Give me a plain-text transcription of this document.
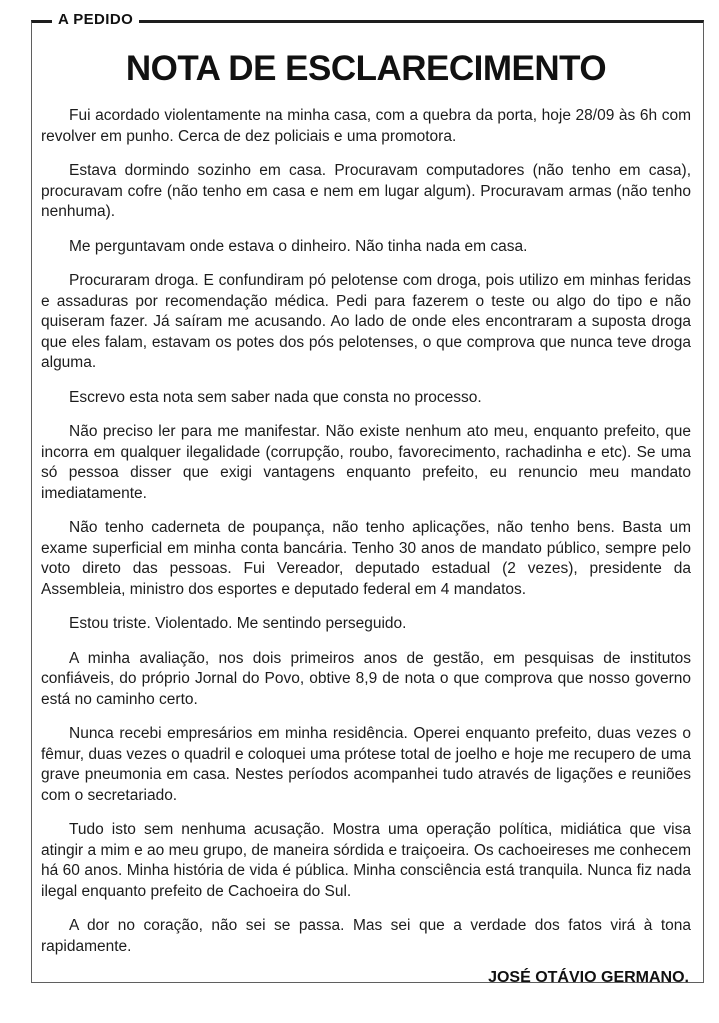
A PEDIDO
NOTA DE ESCLARECIMENTO

Fui acordado violentamente na minha casa, com a quebra da porta, hoje 28/09 às 6h com revolver em punho. Cerca de dez policiais e uma promotora.

Estava dormindo sozinho em casa. Procuravam computadores (não tenho em casa), procuravam cofre (não tenho em casa e nem em lugar algum). Procuravam armas (não tenho nenhuma).

Me perguntavam onde estava o dinheiro. Não tinha nada em casa.

Procuraram droga. E confundiram pó pelotense com droga, pois utilizo em minhas feridas e assaduras por recomendação médica. Pedi para fazerem o teste ou algo do tipo e não quiseram fazer. Já saíram me acusando. Ao lado de onde eles encontraram a suposta droga que eles falam, estavam os potes dos pós pelotenses, o que comprova que nunca teve droga alguma.

Escrevo esta nota sem saber nada que consta no processo.

Não preciso ler para me manifestar. Não existe nenhum ato meu, enquanto prefeito, que incorra em qualquer ilegalidade (corrupção, roubo, favorecimento, rachadinha e etc). Se uma só pessoa disser que exigi vantagens enquanto prefeito, eu renuncio meu mandato imediatamente.

Não tenho caderneta de poupança, não tenho aplicações, não tenho bens. Basta um exame superficial em minha conta bancária. Tenho 30 anos de mandato público, sempre pelo voto direto das pessoas. Fui Vereador, deputado estadual (2 vezes), presidente da Assembleia, ministro dos esportes e deputado federal em 4 mandatos.

Estou triste. Violentado. Me sentindo perseguido.

A minha avaliação, nos dois primeiros anos de gestão, em pesquisas de institutos confiáveis, do próprio Jornal do Povo, obtive 8,9 de nota o que comprova que nosso governo está no caminho certo.

Nunca recebi empresários em minha residência. Operei enquanto prefeito, duas vezes o fêmur, duas vezes o quadril e coloquei uma prótese total de joelho e hoje me recupero de uma grave pneumonia em casa. Nestes períodos acompanhei tudo através de ligações e reuniões com o secretariado.

Tudo isto sem nenhuma acusação. Mostra uma operação política, midiática que visa atingir a mim e ao meu grupo, de maneira sórdida e traiçoeira. Os cachoeireses me conhecem há 60 anos. Minha história de vida é pública. Minha consciência está tranquila. Nunca fiz nada ilegal enquanto prefeito de Cachoeira do Sul.

A dor no coração, não sei se passa. Mas sei que a verdade dos fatos virá à tona rapidamente.

JOSÉ OTÁVIO GERMANO.
